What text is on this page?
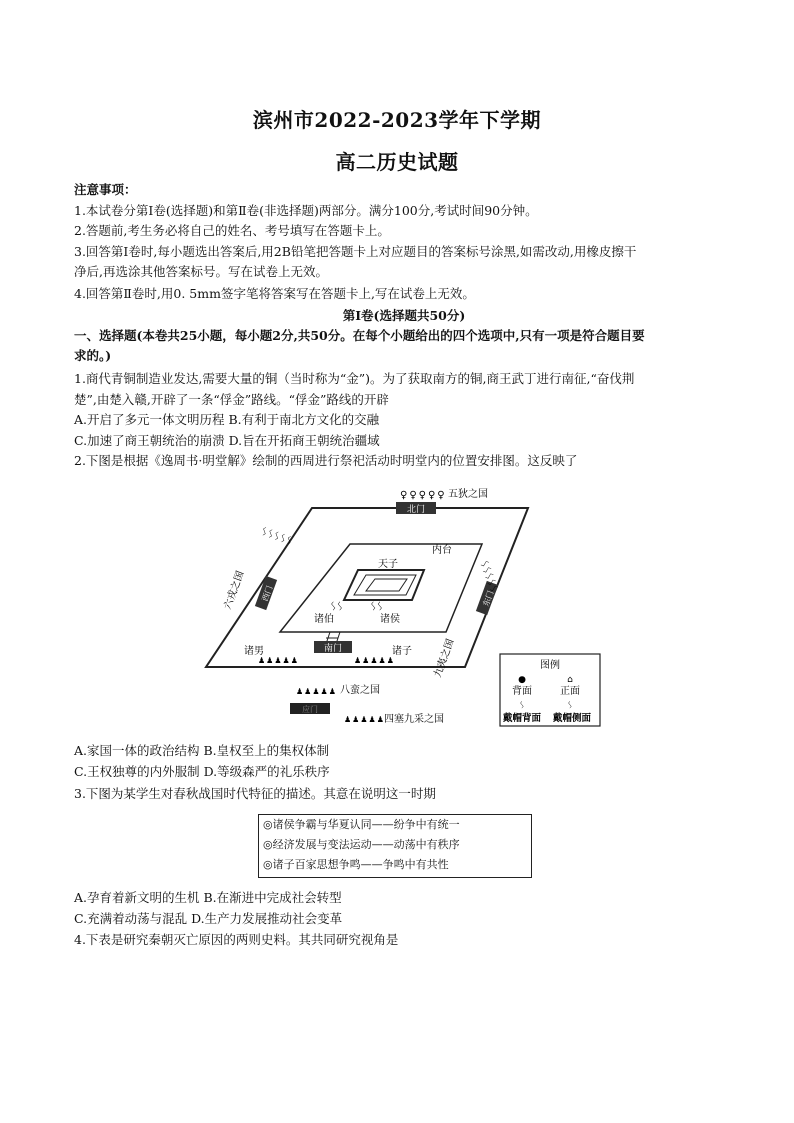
滨州市2022-2023学年下学期
高二历史试题
注意事项：
1.本试卷分第Ⅰ卷(选择题)和第Ⅱ卷(非选择题)两部分。满分100分,考试时间90分钟。
2.答题前,考生务必将自己的姓名、考号填写在答题卡上。
3.回答第Ⅰ卷时,每小题选出答案后,用2B铅笔把答题卡上对应题目的答案标号涂黑,如需改动,用橡皮擦干
净后,再选涂其他答案标号。写在试卷上无效。
4.回答第Ⅱ卷时,用0. 5mm签字笔将答案写在答题卡上,写在试卷上无效。
第Ⅰ卷(选择题共50分)
一、选择题(本卷共25小题，每小题2分,共50分。在每个小题给出的四个选项中,只有一项是符合题目要
求的。)
1.商代青铜制造业发达,需要大量的铜（当时称为“金”)。为了获取南方的铜,商王武丁进行南征,“奋伐荆
楚”,由楚入赣,开辟了一条“俘金”路线。“俘金”路线的开辟
A.开启了多元一体文明历程 B.有利于南北方文化的交融
C.加速了商王朝统治的崩溃 D.旨在开拓商王朝统治疆域
2.下图是根据《逸周书·明堂解》绘制的西周进行祭祀活动时明堂内的位置安排图。这反映了
北门
南门
西门	东门
应门
内台
天子
诸侯
诸伯
诸男	诸子
五狄之国
六戎之国
九夷之国
八蛮之国
四塞九采之国
♀♀♀♀♀
♟♟♟♟♟	♟♟♟♟♟
♟♟♟♟♟
♟♟♟♟♟
ᛊᛊᛊᛊᛊ
ᛊᛊᛊᛊᛊ
ᛊᛊ
ᛊᛊ
图例
●	⌂
背面	正面
ᛊ	ᛊ
戴帽背面 戴帽侧面
A.家国一体的政治结构 B.皇权至上的集权体制
C.王权独尊的内外服制 D.等级森严的礼乐秩序
3.下图为某学生对春秋战国时代特征的描述。其意在说明这一时期
◎诸侯争霸与华夏认同——纷争中有统一
◎经济发展与变法运动——动荡中有秩序
◎诸子百家思想争鸣——争鸣中有共性
A.孕育着新文明的生机 B.在渐进中完成社会转型
C.充满着动荡与混乱 D.生产力发展推动社会变革
4.下表是研究秦朝灭亡原因的两则史料。其共同研究视角是
